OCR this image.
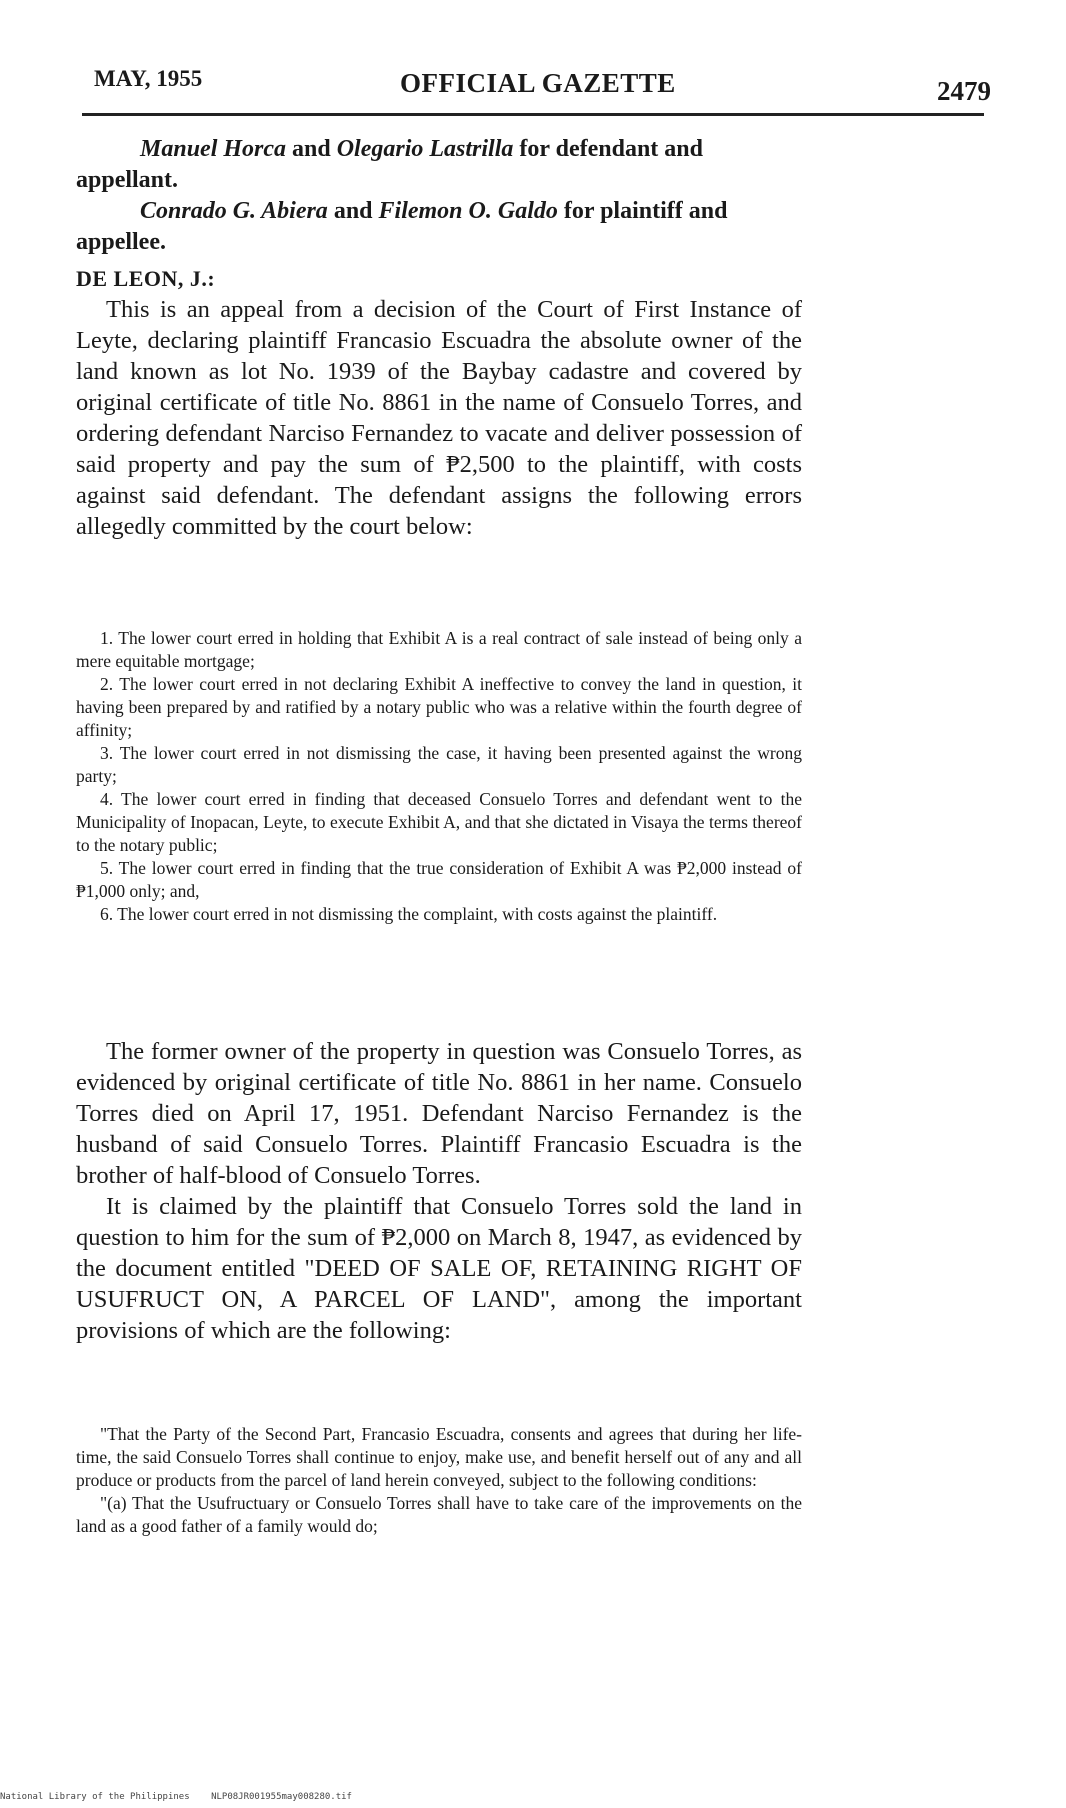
MAY, 1955	OFFICIAL GAZETTE	2479

Manuel Horca and Olegario Lastrilla for defendant and appellant.

Conrado G. Abiera and Filemon O. Galdo for plaintiff and appellee.

DE LEON, J.:

This is an appeal from a decision of the Court of First Instance of Leyte, declaring plaintiff Francasio Escuadra the absolute owner of the land known as lot No. 1939 of the Baybay cadastre and covered by original certificate of title No. 8861 in the name of Consuelo Torres, and ordering defendant Narciso Fernandez to vacate and deliver possession of said property and pay the sum of ₱2,500 to the plaintiff, with costs against said defendant. The defendant assigns the following errors allegedly committed by the court below:

1. The lower court erred in holding that Exhibit A is a real contract of sale instead of being only a mere equitable mortgage;

2. The lower court erred in not declaring Exhibit A ineffective to convey the land in question, it having been prepared by and ratified by a notary public who was a relative within the fourth degree of affinity;

3. The lower court erred in not dismissing the case, it having been presented against the wrong party;

4. The lower court erred in finding that deceased Consuelo Torres and defendant went to the Municipality of Inopacan, Leyte, to execute Exhibit A, and that she dictated in Visaya the terms thereof to the notary public;

5. The lower court erred in finding that the true consideration of Exhibit A was ₱2,000 instead of ₱1,000 only; and,

6. The lower court erred in not dismissing the complaint, with costs against the plaintiff.

The former owner of the property in question was Consuelo Torres, as evidenced by original certificate of title No. 8861 in her name. Consuelo Torres died on April 17, 1951. Defendant Narciso Fernandez is the husband of said Consuelo Torres. Plaintiff Francasio Escuadra is the brother of half-blood of Consuelo Torres.

It is claimed by the plaintiff that Consuelo Torres sold the land in question to him for the sum of ₱2,000 on March 8, 1947, as evidenced by the document entitled "DEED OF SALE OF, RETAINING RIGHT OF USUFRUCT ON, A PARCEL OF LAND", among the important provisions of which are the following:

"That the Party of the Second Part, Francasio Escuadra, consents and agrees that during her life-time, the said Consuelo Torres shall continue to enjoy, make use, and benefit herself out of any and all produce or products from the parcel of land herein conveyed, subject to the following conditions:

"(a) That the Usufructuary or Consuelo Torres shall have to take care of the improvements on the land as a good father of a family would do;

National Library of the Philippines NLP08JR001955may008280.tif
